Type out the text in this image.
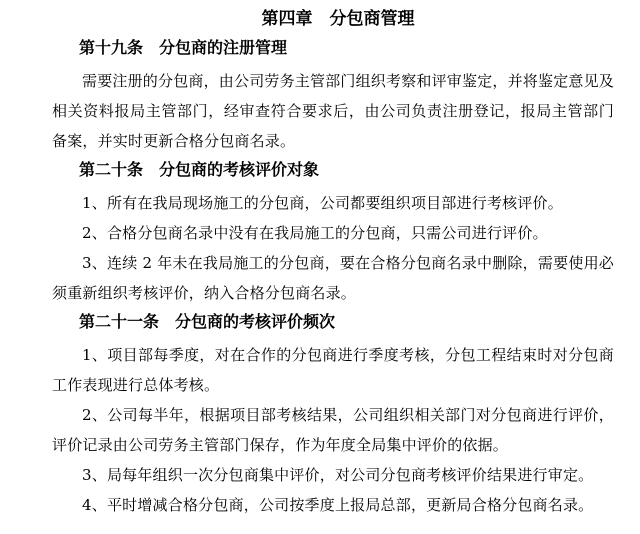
第四章　分包商管理
第十九条　分包商的注册管理

需要注册的分包商，由公司劳务主管部门组织考察和评审鉴定，并将鉴定意见及相关资料报局主管部门，经审查符合要求后，由公司负责注册登记，报局主管部门备案，并实时更新合格分包商名录。

第二十条　分包商的考核评价对象

1、所有在我局现场施工的分包商，公司都要组织项目部进行考核评价。

2、合格分包商名录中没有在我局施工的分包商，只需公司进行评价。

3、连续 2 年未在我局施工的分包商，要在合格分包商名录中删除，需要使用必须重新组织考核评价，纳入合格分包商名录。

第二十一条　分包商的考核评价频次

1、项目部每季度，对在合作的分包商进行季度考核，分包工程结束时对分包商工作表现进行总体考核。

2、公司每半年，根据项目部考核结果，公司组织相关部门对分包商进行评价，评价记录由公司劳务主管部门保存，作为年度全局集中评价的依据。

3、局每年组织一次分包商集中评价，对公司分包商考核评价结果进行审定。

4、平时增减合格分包商，公司按季度上报局总部，更新局合格分包商名录。
